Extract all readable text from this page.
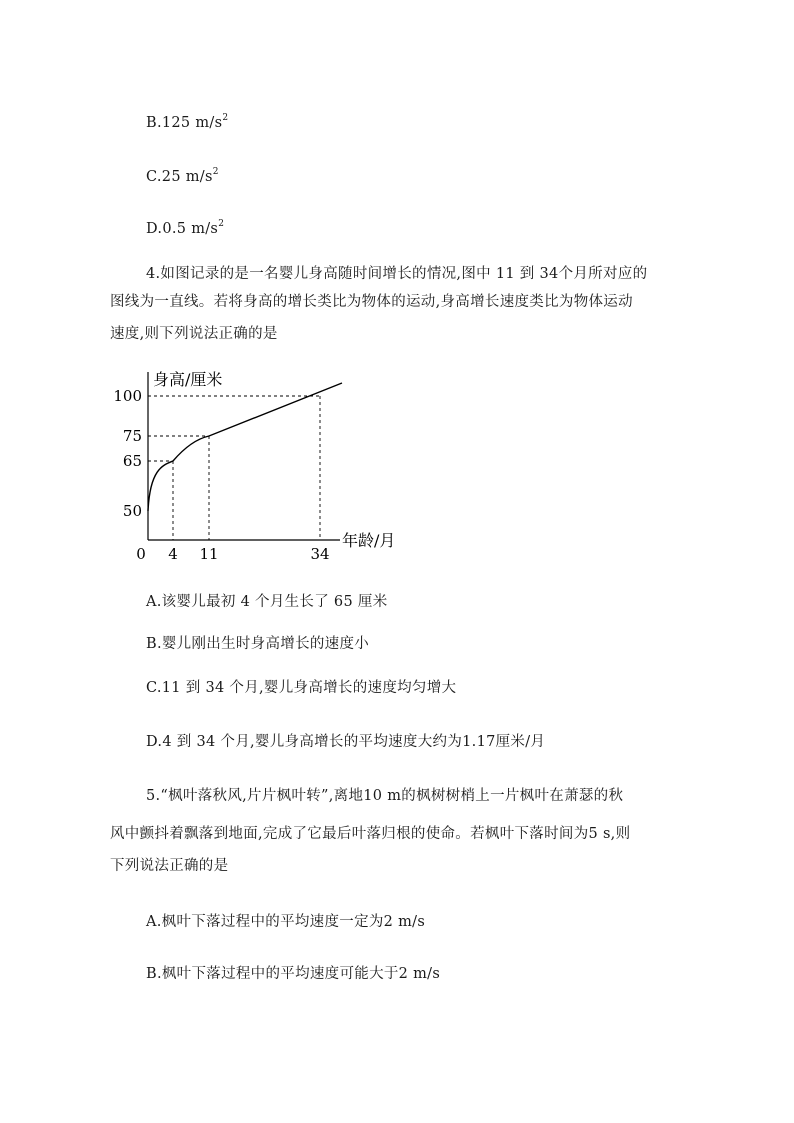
B.125 $m/s^2$
C.25 $m/s^2$
D.0.5 $m/s^2$
4.如图记录的是一名婴儿身高随时间增长的情况,图中 11 到 34个月所对应的
图线为一直线。若将身高的增长类比为物体的运动,身高增长速度类比为物体运动
速度,则下列说法正确的是
身高/厘米
年龄/月
0 4 11	34
50
65
75
100
A.该婴儿最初 4 个月生长了 65 厘米
B.婴儿刚出生时身高增长的速度小
C.11 到 34 个月,婴儿身高增长的速度均匀增大
D.4 到 34 个月,婴儿身高增长的平均速度大约为1.17厘米/月
5.“枫叶落秋风,片片枫叶转”,离地10 m的枫树树梢上一片枫叶在萧瑟的秋
风中颤抖着飘落到地面,完成了它最后叶落归根的使命。若枫叶下落时间为5 s,则
下列说法正确的是
A.枫叶下落过程中的平均速度一定为2 m/s
B.枫叶下落过程中的平均速度可能大于2 m/s
